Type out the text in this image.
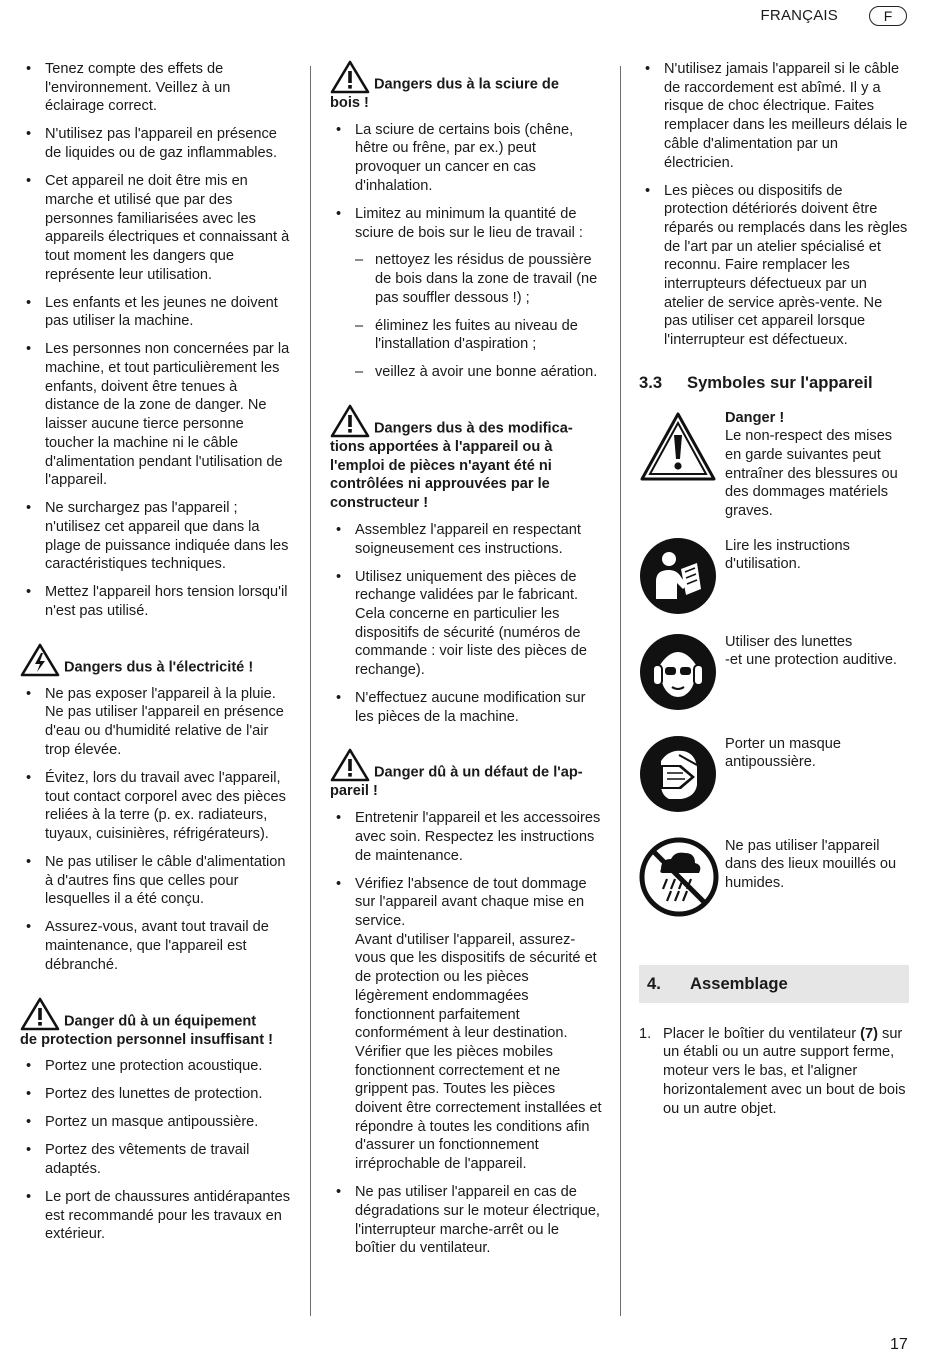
FRANÇAIS	F
• Tenez compte des effets de l'environnement. Veillez à un éclairage correct.
• N'utilisez pas l'appareil en présence de liquides ou de gaz inflammables.
• Cet appareil ne doit être mis en marche et utilisé que par des personnes familiarisées avec les appareils électriques et connaissant à tout moment les dangers que représente leur utilisation.
• Les enfants et les jeunes ne doivent pas utiliser la machine.
• Les personnes non concernées par la machine, et tout particulièrement les enfants, doivent être tenues à distance de la zone de danger. Ne laisser aucune tierce personne toucher la machine ni le câble d'alimentation pendant l'utilisation de l'appareil.
• Ne surchargez pas l'appareil ; n'utilisez cet appareil que dans la plage de puissance indiquée dans les caractéristiques techniques.
• Mettez l'appareil hors tension lorsqu'il n'est pas utilisé.
Dangers dus à l'électricité !
• Ne pas exposer l'appareil à la pluie. Ne pas utiliser l'appareil en présence d'eau ou d'humidité relative de l'air trop élevée.
• Évitez, lors du travail avec l'appareil, tout contact corporel avec des pièces reliées à la terre (p. ex. radiateurs, tuyaux, cuisinières, réfrigérateurs).
• Ne pas utiliser le câble d'alimentation à d'autres fins que celles pour lesquelles il a été conçu.
• Assurez-vous, avant tout travail de maintenance, que l'appareil est débranché.
Danger dû à un équipement
de protection personnel insuffisant !
• Portez une protection acoustique.
• Portez des lunettes de protection.
• Portez un masque antipoussière.
• Portez des vêtements de travail adaptés.
• Le port de chaussures antidérapantes est recommandé pour les travaux en extérieur.
Dangers dus à la sciure de
bois !
• La sciure de certains bois (chêne, hêtre ou frêne, par ex.) peut provoquer un cancer en cas d'inhalation.
• Limitez au minimum la quantité de sciure de bois sur le lieu de travail :
– nettoyez les résidus de poussière de bois dans la zone de travail (ne pas souffler dessous !) ;
– éliminez les fuites au niveau de l'installation d'aspiration ;
– veillez à avoir une bonne aération.
Dangers dus à des modifica-
tions apportées à l'appareil ou à l'emploi de pièces n'ayant été ni contrôlées ni approuvées par le constructeur !
• Assemblez l'appareil en respectant soigneusement ces instructions.
• Utilisez uniquement des pièces de rechange validées par le fabricant. Cela concerne en particulier les dispositifs de sécurité (numéros de commande : voir liste des pièces de rechange).
• N'effectuez aucune modification sur les pièces de la machine.
Danger dû à un défaut de l'ap-
pareil !
• Entretenir l'appareil et les accessoires avec soin. Respectez les instructions de maintenance.
• Vérifiez l'absence de tout dommage sur l'appareil avant chaque mise en service.
Avant d'utiliser l'appareil, assurez-vous que les dispositifs de sécurité et de protection ou les pièces légèrement endommagées fonctionnent parfaitement conformément à leur destination. Vérifier que les pièces mobiles fonctionnent correctement et ne grippent pas. Toutes les pièces doivent être correctement installées et répondre à toutes les conditions afin d'assurer un fonctionnement irréprochable de l'appareil.
• Ne pas utiliser l'appareil en cas de dégradations sur le moteur électrique, l'interrupteur marche-arrêt ou le boîtier du ventilateur.
• N'utilisez jamais l'appareil si le câble de raccordement est abîmé. Il y a risque de choc électrique. Faites remplacer dans les meilleurs délais le câble d'alimentation par un électricien.
• Les pièces ou dispositifs de protection détériorés doivent être réparés ou remplacés dans les règles de l'art par un atelier spécialisé et reconnu. Faire remplacer les interrupteurs défectueux par un atelier de service après-vente. Ne pas utiliser cet appareil lorsque l'interrupteur est défectueux.
3.3 Symboles sur l'appareil
Danger !
Le non-respect des mises en garde suivantes peut entraîner des blessures ou des dommages matériels graves.
Lire les instructions d'utilisation.
Utiliser des lunettes
-et une protection auditive.
Porter un masque antipoussière.
Ne pas utiliser l'appareil dans des lieux mouillés ou humides.
4. Assemblage
1. Placer le boîtier du ventilateur (7) sur un établi ou un autre support ferme, moteur vers le bas, et l'aligner horizontalement avec un bout de bois ou un autre objet.
17
